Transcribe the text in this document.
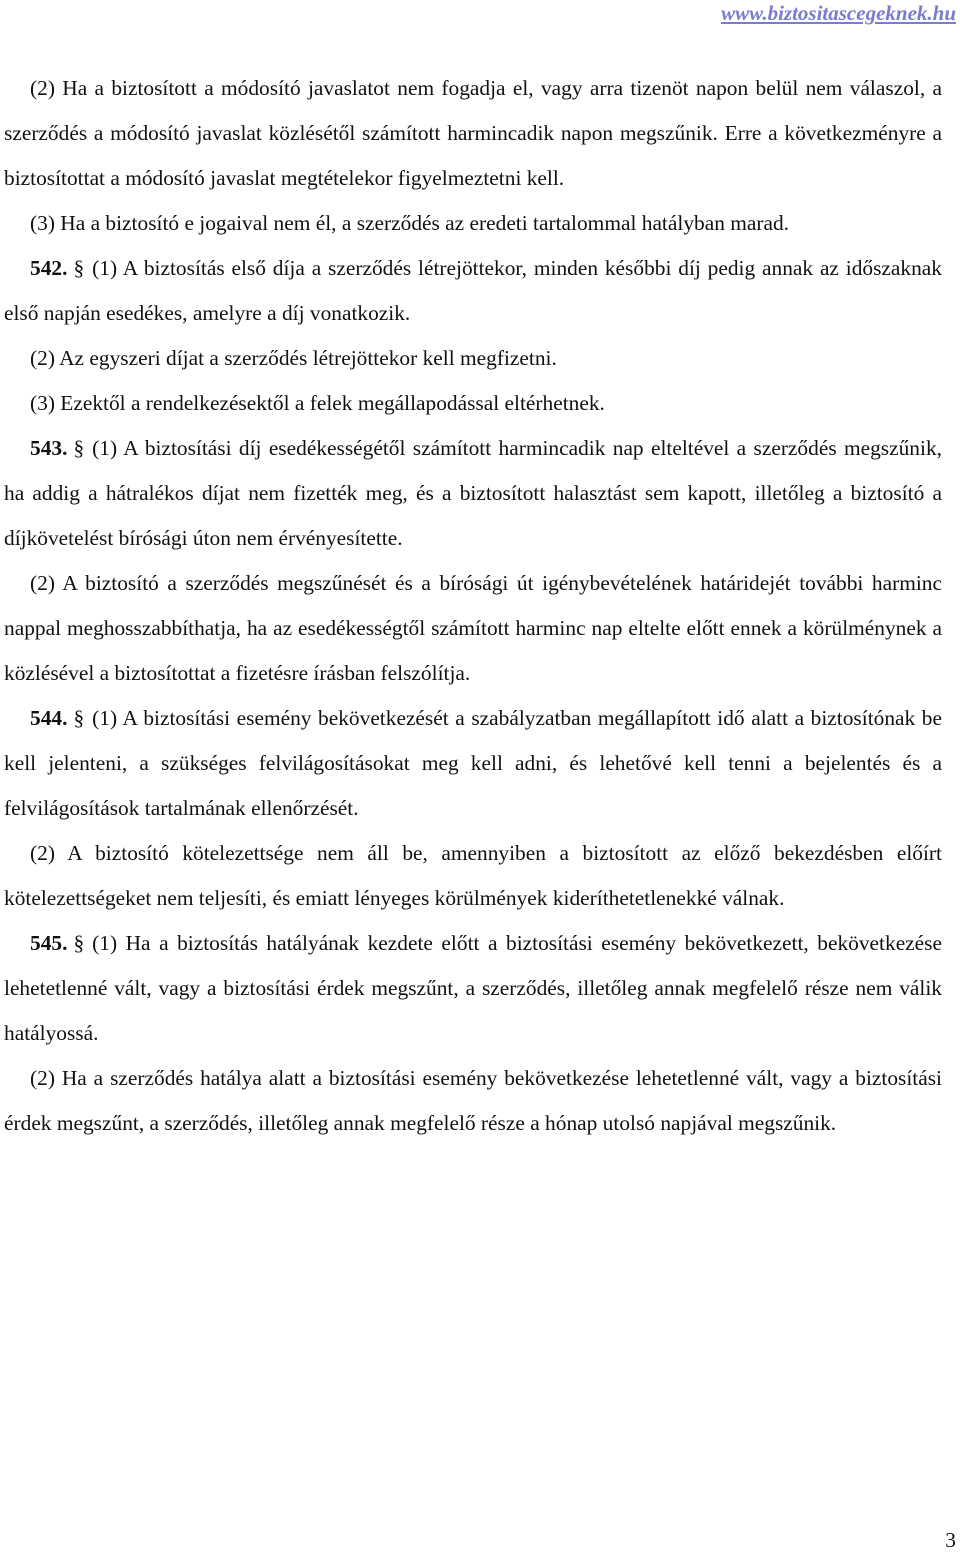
www.biztositascegeknek.hu

(2) Ha a biztosított a módosító javaslatot nem fogadja el, vagy arra tizenöt napon belül nem válaszol, a szerződés a módosító javaslat közlésétől számított harmincadik napon megszűnik. Erre a következményre a biztosítottat a módosító javaslat megtételekor figyelmeztetni kell.

(3) Ha a biztosító e jogaival nem él, a szerződés az eredeti tartalommal hatályban marad.

542. § (1) A biztosítás első díja a szerződés létrejöttekor, minden későbbi díj pedig annak az időszaknak első napján esedékes, amelyre a díj vonatkozik.

(2) Az egyszeri díjat a szerződés létrejöttekor kell megfizetni.

(3) Ezektől a rendelkezésektől a felek megállapodással eltérhetnek.

543. § (1) A biztosítási díj esedékességétől számított harmincadik nap elteltével a szerződés megszűnik, ha addig a hátralékos díjat nem fizették meg, és a biztosított halasztást sem kapott, illetőleg a biztosító a díjkövetelést bírósági úton nem érvényesítette.

(2) A biztosító a szerződés megszűnését és a bírósági út igénybevételének határidejét további harminc nappal meghosszabbíthatja, ha az esedékességtől számított harminc nap eltelte előtt ennek a körülménynek a közlésével a biztosítottat a fizetésre írásban felszólítja.

544. § (1) A biztosítási esemény bekövetkezését a szabályzatban megállapított idő alatt a biztosítónak be kell jelenteni, a szükséges felvilágosításokat meg kell adni, és lehetővé kell tenni a bejelentés és a felvilágosítások tartalmának ellenőrzését.

(2) A biztosító kötelezettsége nem áll be, amennyiben a biztosított az előző bekezdésben előírt kötelezettségeket nem teljesíti, és emiatt lényeges körülmények kideríthetetlenekké válnak.

545. § (1) Ha a biztosítás hatályának kezdete előtt a biztosítási esemény bekövetkezett, bekövetkezése lehetetlenné vált, vagy a biztosítási érdek megszűnt, a szerződés, illetőleg annak megfelelő része nem válik hatályossá.

(2) Ha a szerződés hatálya alatt a biztosítási esemény bekövetkezése lehetetlenné vált, vagy a biztosítási érdek megszűnt, a szerződés, illetőleg annak megfelelő része a hónap utolsó napjával megszűnik.

3
